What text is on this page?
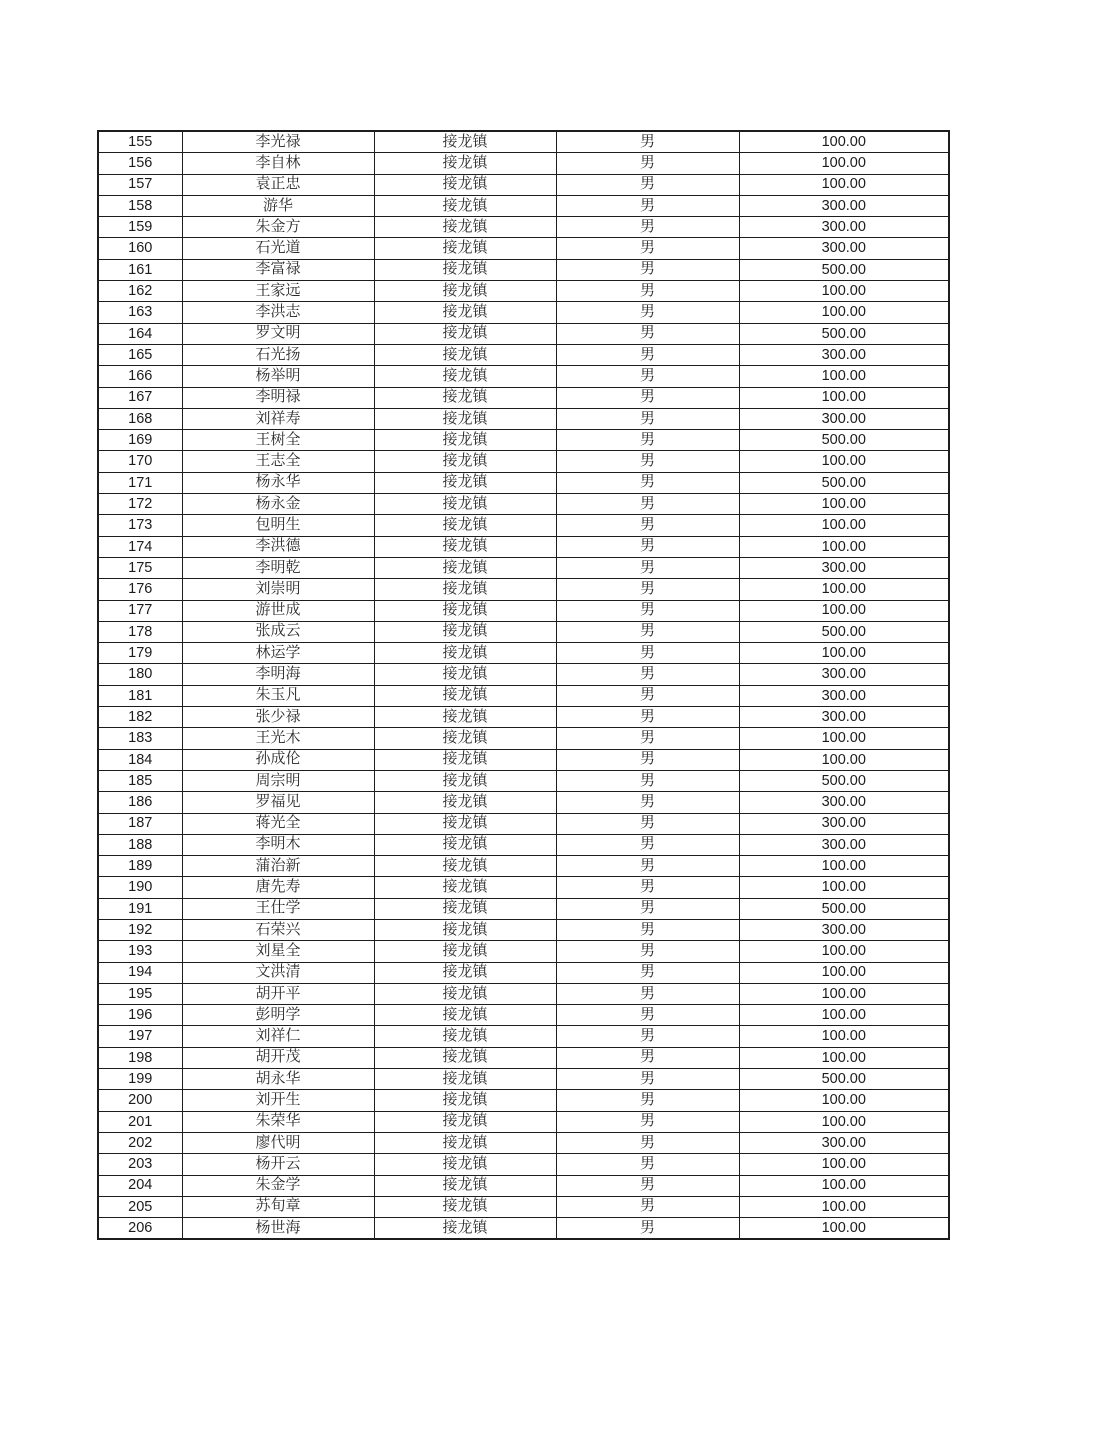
155	李光禄	接龙镇	男	100.00
156	李自林	接龙镇	男	100.00
157	袁正忠	接龙镇	男	100.00
158	游华	接龙镇	男	300.00
159	朱金方	接龙镇	男	300.00
160	石光道	接龙镇	男	300.00
161	李富禄	接龙镇	男	500.00
162	王家远	接龙镇	男	100.00
163	李洪志	接龙镇	男	100.00
164	罗文明	接龙镇	男	500.00
165	石光扬	接龙镇	男	300.00
166	杨举明	接龙镇	男	100.00
167	李明禄	接龙镇	男	100.00
168	刘祥寿	接龙镇	男	300.00
169	王树全	接龙镇	男	500.00
170	王志全	接龙镇	男	100.00
171	杨永华	接龙镇	男	500.00
172	杨永金	接龙镇	男	100.00
173	包明生	接龙镇	男	100.00
174	李洪德	接龙镇	男	100.00
175	李明乾	接龙镇	男	300.00
176	刘崇明	接龙镇	男	100.00
177	游世成	接龙镇	男	100.00
178	张成云	接龙镇	男	500.00
179	林运学	接龙镇	男	100.00
180	李明海	接龙镇	男	300.00
181	朱玉凡	接龙镇	男	300.00
182	张少禄	接龙镇	男	300.00
183	王光木	接龙镇	男	100.00
184	孙成伦	接龙镇	男	100.00
185	周宗明	接龙镇	男	500.00
186	罗福见	接龙镇	男	300.00
187	蒋光全	接龙镇	男	300.00
188	李明木	接龙镇	男	300.00
189	蒲治新	接龙镇	男	100.00
190	唐先寿	接龙镇	男	100.00
191	王仕学	接龙镇	男	500.00
192	石荣兴	接龙镇	男	300.00
193	刘星全	接龙镇	男	100.00
194	文洪清	接龙镇	男	100.00
195	胡开平	接龙镇	男	100.00
196	彭明学	接龙镇	男	100.00
197	刘祥仁	接龙镇	男	100.00
198	胡开茂	接龙镇	男	100.00
199	胡永华	接龙镇	男	500.00
200	刘开生	接龙镇	男	100.00
201	朱荣华	接龙镇	男	100.00
202	廖代明	接龙镇	男	300.00
203	杨开云	接龙镇	男	100.00
204	朱金学	接龙镇	男	100.00
205	苏旬章	接龙镇	男	100.00
206	杨世海	接龙镇	男	100.00
